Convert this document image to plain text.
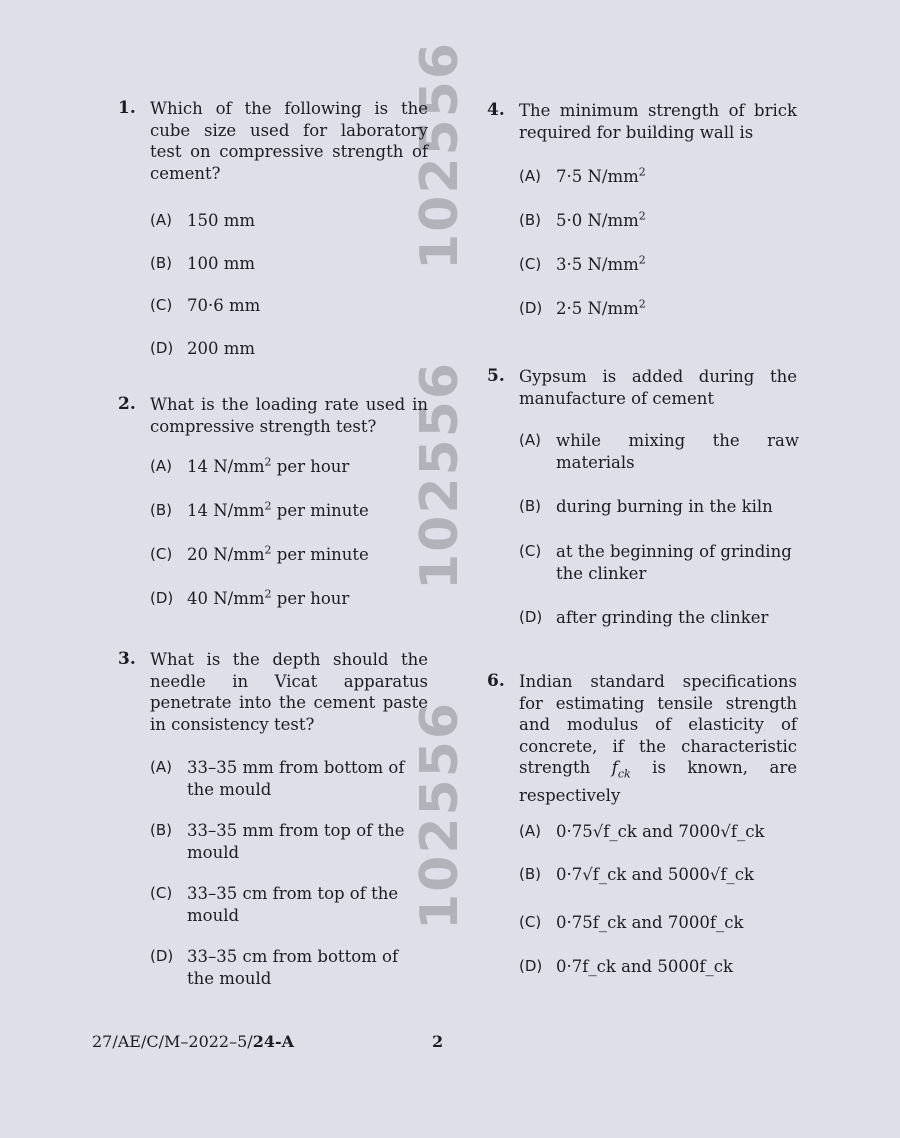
102556
102556
102556
1. Which of the following is the cube size used for laboratory test on compressive strength of cement?
(A) 150 mm
(B) 100 mm
(C) 70·6 mm
(D) 200 mm
2. What is the loading rate used in compressive strength test?
(A) 14 $N/mm^2$ per hour
(B) 14 $N/mm^2$ per minute
(C) 20 $N/mm^2$ per minute
(D) 40 $N/mm^2$ per hour
3. What is the depth should the needle in Vicat apparatus penetrate into the cement paste in consistency test?
(A) 33–35 mm from bottom of the mould
(B) 33–35 mm from top of the mould
(C) 33–35 cm from top of the mould
(D) 33–35 cm from bottom of the mould
4. The minimum strength of brick required for building wall is
(A) 7·5 $N/mm^2$
(B) 5·0 $N/mm^2$
(C) 3·5 $N/mm^2$
(D) 2·5 $N/mm^2$
5. Gypsum is added during the manufacture of cement
(A) while mixing the raw materials
(B) during burning in the kiln
(C) at the beginning of grinding the clinker
(D) after grinding the clinker
6. Indian standard specifications for estimating tensile strength and modulus of elasticity of concrete, if the characteristic strength $f_{ck}$ is known, are respectively
(A) 0·75√f_ck and 7000√f_ck
(B) 0·7√f_ck and 5000√f_ck
(C) 0·75f_ck and 7000f_ck
(D) 0·7f_ck and 5000f_ck
27/AE/C/M–2022–5/24-A	2
